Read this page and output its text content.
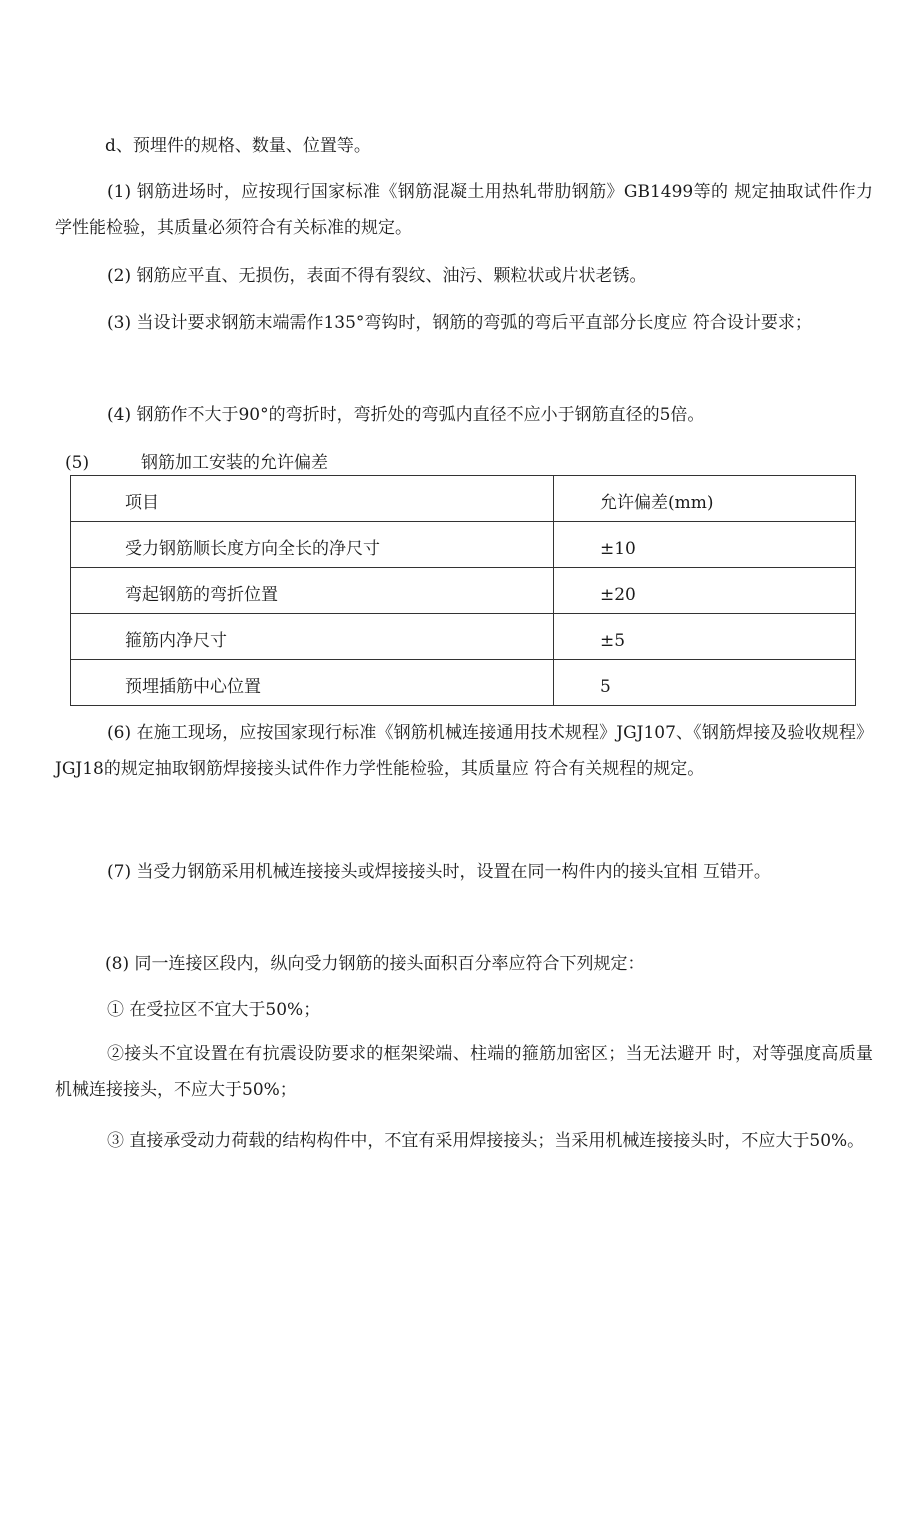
d、预埋件的规格、数量、位置等。

(1) 钢筋进场时，应按现行国家标准《钢筋混凝土用热轧带肋钢筋》GB1499等的 规定抽取试件作力学性能检验，其质量必须符合有关标准的规定。

(2) 钢筋应平直、无损伤，表面不得有裂纹、油污、颗粒状或片状老锈。

(3) 当设计要求钢筋末端需作135°弯钩时，钢筋的弯弧的弯后平直部分长度应 符合设计要求；

(4) 钢筋作不大于90°的弯折时，弯折处的弯弧内直径不应小于钢筋直径的5倍。

(5)	钢筋加工安装的允许偏差

项目	允许偏差(mm)
受力钢筋顺长度方向全长的净尺寸	±10
弯起钢筋的弯折位置	±20
箍筋内净尺寸	±5
预埋插筋中心位置	5

(6) 在施工现场，应按国家现行标准《钢筋机械连接通用技术规程》JGJ107、《钢筋焊接及验收规程》JGJ18的规定抽取钢筋焊接接头试件作力学性能检验，其质量应 符合有关规程的规定。

(7) 当受力钢筋采用机械连接接头或焊接接头时，设置在同一构件内的接头宜相 互错开。

(8) 同一连接区段内，纵向受力钢筋的接头面积百分率应符合下列规定：

① 在受拉区不宜大于50%；

②接头不宜设置在有抗震设防要求的框架梁端、柱端的箍筋加密区；当无法避开 时，对等强度高质量机械连接接头，不应大于50%；

③ 直接承受动力荷载的结构构件中，不宜有采用焊接接头；当采用机械连接接头时，不应大于50%。
